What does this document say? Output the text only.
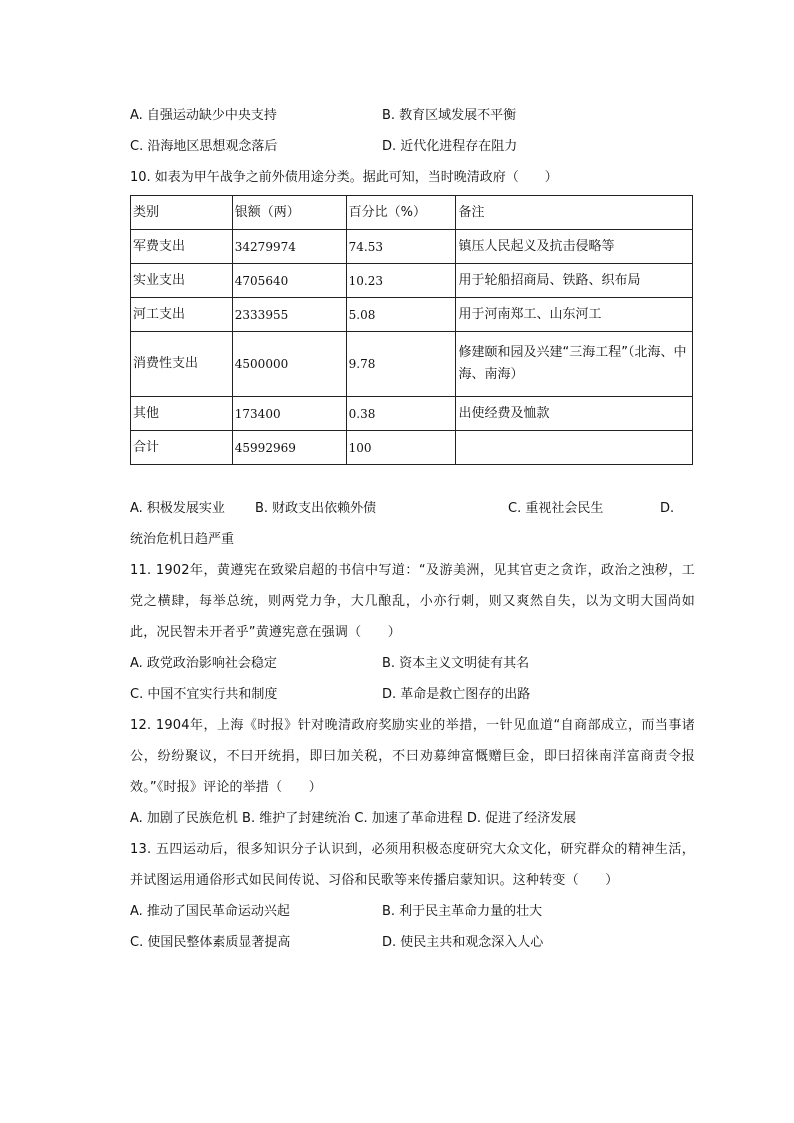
A. 自强运动缺少中央支持	B. 教育区域发展不平衡
C. 沿海地区思想观念落后	D. 近代化进程存在阻力
10. 如表为甲午战争之前外债用途分类。据此可知，当时晚清政府（　　）
类别	银额（两）	百分比（%）	备注
军费支出	34279974	74.53	镇压人民起义及抗击侵略等
实业支出	4705640	10.23	用于轮船招商局、铁路、织布局
河工支出	2333955	5.08	用于河南郑工、山东河工
消费性支出	4500000	9.78	修建颐和园及兴建“三海工程”（北海、中海、南海）
其他	173400	0.38	出使经费及恤款
合计	45992969	100	
A. 积极发展实业 B. 财政支出依赖外债	C. 重视社会民生	D.
统治危机日趋严重
11. 1902年，黄遵宪在致梁启超的书信中写道：“及游美洲，见其官吏之贪诈，政治之浊秽，工党之横肆，每举总统，则两党力争，大几酿乱，小亦行刺，则又爽然自失，以为文明大国尚如此，况民智未开者乎”黄遵宪意在强调（　　）
A. 政党政治影响社会稳定	B. 资本主义文明徒有其名
C. 中国不宜实行共和制度	D. 革命是救亡图存的出路
12. 1904年，上海《时报》针对晚清政府奖励实业的举措，一针见血道“自商部成立，而当事诸公，纷纷聚议，不曰开统捐，即曰加关税，不曰劝募绅富慨赠巨金，即曰招徕南洋富商责令报效。”《时报》评论的举措（　　）
A. 加剧了民族危机 B. 维护了封建统治 C. 加速了革命进程 D. 促进了经济发展
13. 五四运动后，很多知识分子认识到，必须用积极态度研究大众文化，研究群众的精神生活，并试图运用通俗形式如民间传说、习俗和民歌等来传播启蒙知识。这种转变（　　）
A. 推动了国民革命运动兴起	B. 利于民主革命力量的壮大
C. 使国民整体素质显著提高	D. 使民主共和观念深入人心
